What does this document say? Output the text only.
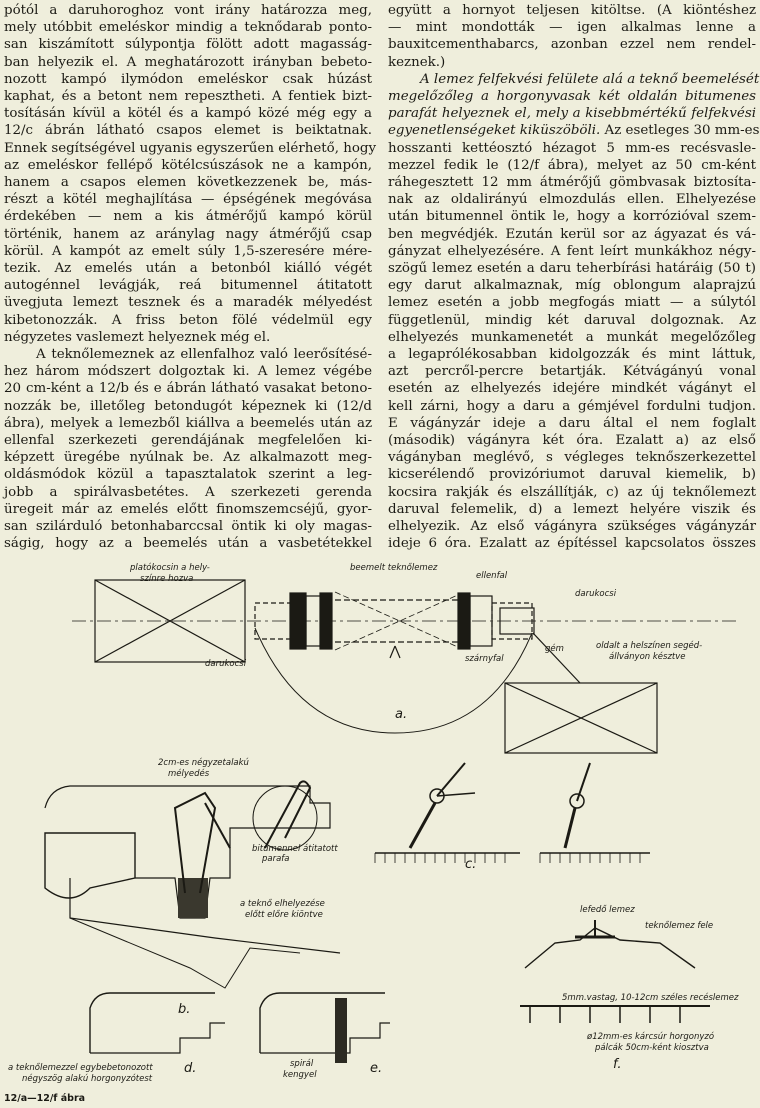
pótól a daruhoroghoz vont irány határozza meg,
mely utóbbit emeléskor mindig a teknődarab ponto-
san kiszámított súlypontja fölött adott magasság-
ban helyezik el. A meghatározott irányban bebeto-
nozott kampó ilymódon emeléskor csak húzást
kaphat, és a betont nem repesztheti. A fentiek bizt-
tosításán kívül a kötél és a kampó közé még egy a
12/c ábrán látható csapos elemet is beiktatnak.
Ennek segítségével ugyanis egyszerűen elérhető, hogy
az emeléskor fellépő kötélcsúszások ne a kampón,
hanem a csapos elemen következzenek be, más-
részt a kötél meghajlítása — épségének megóvása
érdekében — nem a kis átmérőjű kampó körül
történik, hanem az aránylag nagy átmérőjű csap
körül. A kampót az emelt súly 1,5-szeresére mére-
tezik. Az emelés után a betonból kiálló végét
autogénnel levágják, reá bitumennel átitatott
üvegjuta lemezt tesznek és a maradék mélyedést
kibetonozzák. A friss beton fölé védelmül egy
négyzetes vaslemezt helyeznek még el.
A teknőlemeznek az ellenfalhoz való leerősítésé-
hez három módszert dolgoztak ki. A lemez végébe
20 cm-ként a 12/b és e ábrán látható vasakat betono-
nozzák be, illetőleg betondugót képeznek ki (12/d
ábra), melyek a lemezből kiállva a beemelés után az
ellenfal szerkezeti gerendájának megfelelően ki-
képzett üregébe nyúlnak be. Az alkalmazott meg-
oldásmódok közül a tapasztalatok szerint a leg-
jobb a spirálvasbetétes. A szerkezeti gerenda
üregeit már az emelés előtt finomszemcséjű, gyor-
san szilárduló betonhabarccsal öntik ki oly magas-
ságig, hogy az a beemelés után a vasbetétekkel
együtt a hornyot teljesen kitöltse. (A kiöntéshez
— mint mondották — igen alkalmas lenne a
bauxitcementhabarcs, azonban ezzel nem rendel-
keznek.)
A lemez felfekvési felülete alá a teknő beemelését
megelőzőleg a horgonyvasak két oldalán bitumenes
parafát helyeznek el, mely a kisebbmértékű felfekvési
egyenetlenségeket kiküszöböli. Az esetleges 30 mm-es
hosszanti kettéosztó hézagot 5 mm-es recésvasle-
mezzel fedik le (12/f ábra), melyet az 50 cm-ként
ráhegesztett 12 mm átmérőjű gömbvasak biztosíta-
nak az oldalirányú elmozdulás ellen. Elhelyezése
után bitumennel öntik le, hogy a korrózióval szem-
ben megvédjék. Ezután kerül sor az ágyazat és vá-
gányzat elhelyezésére. A fent leírt munkákhoz négy-
szögű lemez esetén a daru teherbírási határáig (50 t)
egy darut alkalmaznak, míg oblongum alaprajzú
lemez esetén a jobb megfogás miatt — a súlytól
függetlenül, mindig két daruval dolgoznak. Az
elhelyezés munkamenetét a munkát megelőzőleg
a legaprólékosabban kidolgozzák és mint láttuk,
azt percről-percre betartják. Kétvágányú vonal
esetén az elhelyezés idejére mindkét vágányt el
kell zárni, hogy a daru a gémjével fordulni tudjon.
E vágányzár ideje a daru által el nem foglalt
(második) vágányra két óra. Ezalatt a) az első
vágányban meglévő, s végleges teknőszerkezettel
kicserélendő provizóriumot daruval kiemelik, b)
kocsira rakják és elszállítják, c) az új teknőlemezt
daruval felemelik, d) a lemezt helyére viszik és
elhelyezik. Az első vágányra szükséges vágányzár
ideje 6 óra. Ezalatt az építéssel kapcsolatos összes
a.
b.
c.
d.	e.	f.
platókocsin a hely-
színre hozva
beemelt teknőlemez
ellenfal
darukocsi
darukocsi
gém
szárnyfal
oldalt a helszínen segéd-
állványon késztve
2cm-es négyzetalakú
mélyedés
bitumennel átitatott
parafa
a teknő elhelyezése
előtt előre kiöntve
a teknőlemezzel egybebetonozott
négyszög alakú horgonyzótest
spirál
kengyel
lefedő lemez
teknőlemez fele
5mm.vastag, 10-12cm széles recéslemez
ø12mm-es kárcsúr horgonyzó
pálcák 50cm-ként kiosztva
12/a—12/f ábra
